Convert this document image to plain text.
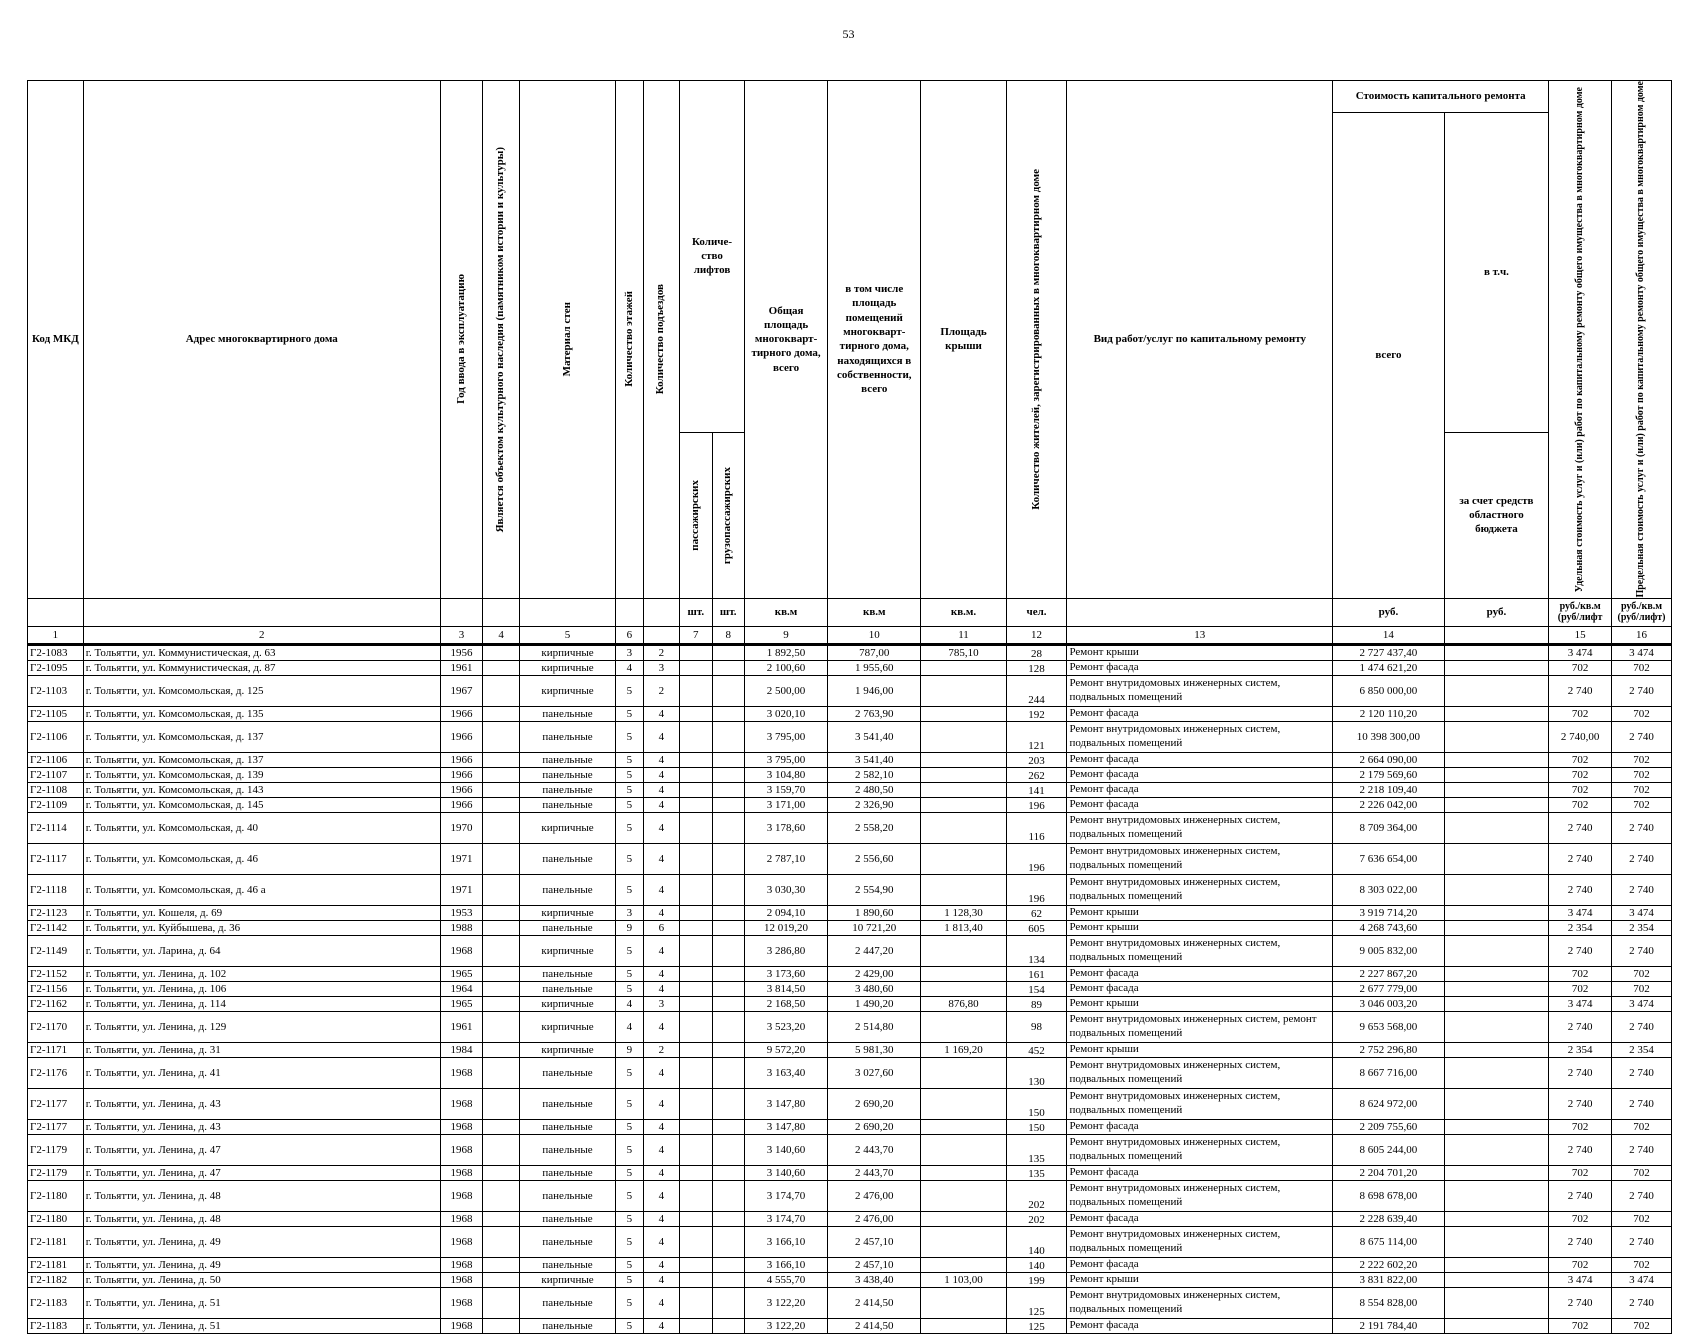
53
Код МКД	Адрес многоквартирного дома	Год ввода в эксплуатацию	Является объектом культурного наследия (памятником истории и культуры)	Материал стен	Количество этажей	Количество подъездов	Количе-ство лифтов		Общая площадь многокварт-тирного дома, всего	в том числе площадь помещений многокварт-тирного дома, находящихся в собственности, всего	Площадь крыши	Количество жителей, зарегистрированных в многоквартирном доме	Вид работ/услуг по капитальному ремонту	Стоимость капитального ремонта		Удельная стоимость услуг и (или) работ по капитальному ремонту общего имущества в многоквартирном доме	Предельная стоимость услуг и (или) работ по капитальному ремонту общего имущества в многоквартирном доме

														всего	в т.ч.		

							пассажирских	грузопассажирских							за счет средств областного бюджета		
							шт.	шт.	кв.м	кв.м	кв.м.	чел.		руб.	руб.	руб./кв.м (руб/лифт	руб./кв.м (руб/лифт)
1	2	3	4	5	6		7	8	9	10	11	12	13	14		15	16
Г2-1083	г. Тольятти, ул. Коммунистическая, д. 63	1956		кирпичные	3	2			1 892,50	787,00	785,10	28	Ремонт крыши	2 727 437,40		3 474	3 474
Г2-1095	г. Тольятти, ул. Коммунистическая, д. 87	1961		кирпичные	4	3			2 100,60	1 955,60		128	Ремонт фасада	1 474 621,20		702	702
Г2-1103	г. Тольятти, ул. Комсомольская, д. 125	1967		кирпичные	5	2			2 500,00	1 946,00		244	Ремонт внутридомовых инженерных систем, подвальных помещений	6 850 000,00		2 740	2 740
Г2-1105	г. Тольятти, ул. Комсомольская, д. 135	1966		панельные	5	4			3 020,10	2 763,90		192	Ремонт фасада	2 120 110,20		702	702
Г2-1106	г. Тольятти, ул. Комсомольская, д. 137	1966		панельные	5	4			3 795,00	3 541,40		121	Ремонт внутридомовых инженерных систем, подвальных помещений	10 398 300,00		2 740,00	2 740
Г2-1106	г. Тольятти, ул. Комсомольская, д. 137	1966		панельные	5	4			3 795,00	3 541,40		203	Ремонт фасада	2 664 090,00		702	702
Г2-1107	г. Тольятти, ул. Комсомольская, д. 139	1966		панельные	5	4			3 104,80	2 582,10		262	Ремонт фасада	2 179 569,60		702	702
Г2-1108	г. Тольятти, ул. Комсомольская, д. 143	1966		панельные	5	4			3 159,70	2 480,50		141	Ремонт фасада	2 218 109,40		702	702
Г2-1109	г. Тольятти, ул. Комсомольская, д. 145	1966		панельные	5	4			3 171,00	2 326,90		196	Ремонт фасада	2 226 042,00		702	702
Г2-1114	г. Тольятти, ул. Комсомольская, д. 40	1970		кирпичные	5	4			3 178,60	2 558,20		116	Ремонт внутридомовых инженерных систем, подвальных помещений	8 709 364,00		2 740	2 740
Г2-1117	г. Тольятти, ул. Комсомольская, д. 46	1971		панельные	5	4			2 787,10	2 556,60		196	Ремонт внутридомовых инженерных систем, подвальных помещений	7 636 654,00		2 740	2 740
Г2-1118	г. Тольятти, ул. Комсомольская, д. 46 а	1971		панельные	5	4			3 030,30	2 554,90		196	Ремонт внутридомовых инженерных систем, подвальных помещений	8 303 022,00		2 740	2 740
Г2-1123	г. Тольятти, ул. Кошеля, д. 69	1953		кирпичные	3	4			2 094,10	1 890,60	1 128,30	62	Ремонт крыши	3 919 714,20		3 474	3 474
Г2-1142	г. Тольятти, ул. Куйбышева, д. 36	1988		панельные	9	6			12 019,20	10 721,20	1 813,40	605	Ремонт крыши	4 268 743,60		2 354	2 354
Г2-1149	г. Тольятти, ул. Ларина, д. 64	1968		кирпичные	5	4			3 286,80	2 447,20		134	Ремонт внутридомовых инженерных систем, подвальных помещений	9 005 832,00		2 740	2 740
Г2-1152	г. Тольятти, ул. Ленина, д. 102	1965		панельные	5	4			3 173,60	2 429,00		161	Ремонт фасада	2 227 867,20		702	702
Г2-1156	г. Тольятти, ул. Ленина, д. 106	1964		панельные	5	4			3 814,50	3 480,60		154	Ремонт фасада	2 677 779,00		702	702
Г2-1162	г. Тольятти, ул. Ленина, д. 114	1965		кирпичные	4	3			2 168,50	1 490,20	876,80	89	Ремонт крыши	3 046 003,20		3 474	3 474
Г2-1170	г. Тольятти, ул. Ленина, д. 129	1961		кирпичные	4	4			3 523,20	2 514,80		98	Ремонт внутридомовых инженерных систем, ремонт подвальных помещений	9 653 568,00		2 740	2 740
Г2-1171	г. Тольятти, ул. Ленина, д. 31	1984		кирпичные	9	2			9 572,20	5 981,30	1 169,20	452	Ремонт крыши	2 752 296,80		2 354	2 354
Г2-1176	г. Тольятти, ул. Ленина, д. 41	1968		панельные	5	4			3 163,40	3 027,60		130	Ремонт внутридомовых инженерных систем, подвальных помещений	8 667 716,00		2 740	2 740
Г2-1177	г. Тольятти, ул. Ленина, д. 43	1968		панельные	5	4			3 147,80	2 690,20		150	Ремонт внутридомовых инженерных систем, подвальных помещений	8 624 972,00		2 740	2 740
Г2-1177	г. Тольятти, ул. Ленина, д. 43	1968		панельные	5	4			3 147,80	2 690,20		150	Ремонт фасада	2 209 755,60		702	702
Г2-1179	г. Тольятти, ул. Ленина, д. 47	1968		панельные	5	4			3 140,60	2 443,70		135	Ремонт внутридомовых инженерных систем, подвальных помещений	8 605 244,00		2 740	2 740
Г2-1179	г. Тольятти, ул. Ленина, д. 47	1968		панельные	5	4			3 140,60	2 443,70		135	Ремонт фасада	2 204 701,20		702	702
Г2-1180	г. Тольятти, ул. Ленина, д. 48	1968		панельные	5	4			3 174,70	2 476,00		202	Ремонт внутридомовых инженерных систем, подвальных помещений	8 698 678,00		2 740	2 740
Г2-1180	г. Тольятти, ул. Ленина, д. 48	1968		панельные	5	4			3 174,70	2 476,00		202	Ремонт фасада	2 228 639,40		702	702
Г2-1181	г. Тольятти, ул. Ленина, д. 49	1968		панельные	5	4			3 166,10	2 457,10		140	Ремонт внутридомовых инженерных систем, подвальных помещений	8 675 114,00		2 740	2 740
Г2-1181	г. Тольятти, ул. Ленина, д. 49	1968		панельные	5	4			3 166,10	2 457,10		140	Ремонт фасада	2 222 602,20		702	702
Г2-1182	г. Тольятти, ул. Ленина, д. 50	1968		кирпичные	5	4			4 555,70	3 438,40	1 103,00	199	Ремонт крыши	3 831 822,00		3 474	3 474
Г2-1183	г. Тольятти, ул. Ленина, д. 51	1968		панельные	5	4			3 122,20	2 414,50		125	Ремонт внутридомовых инженерных систем, подвальных помещений	8 554 828,00		2 740	2 740
Г2-1183	г. Тольятти, ул. Ленина, д. 51	1968		панельные	5	4			3 122,20	2 414,50		125	Ремонт фасада	2 191 784,40		702	702
